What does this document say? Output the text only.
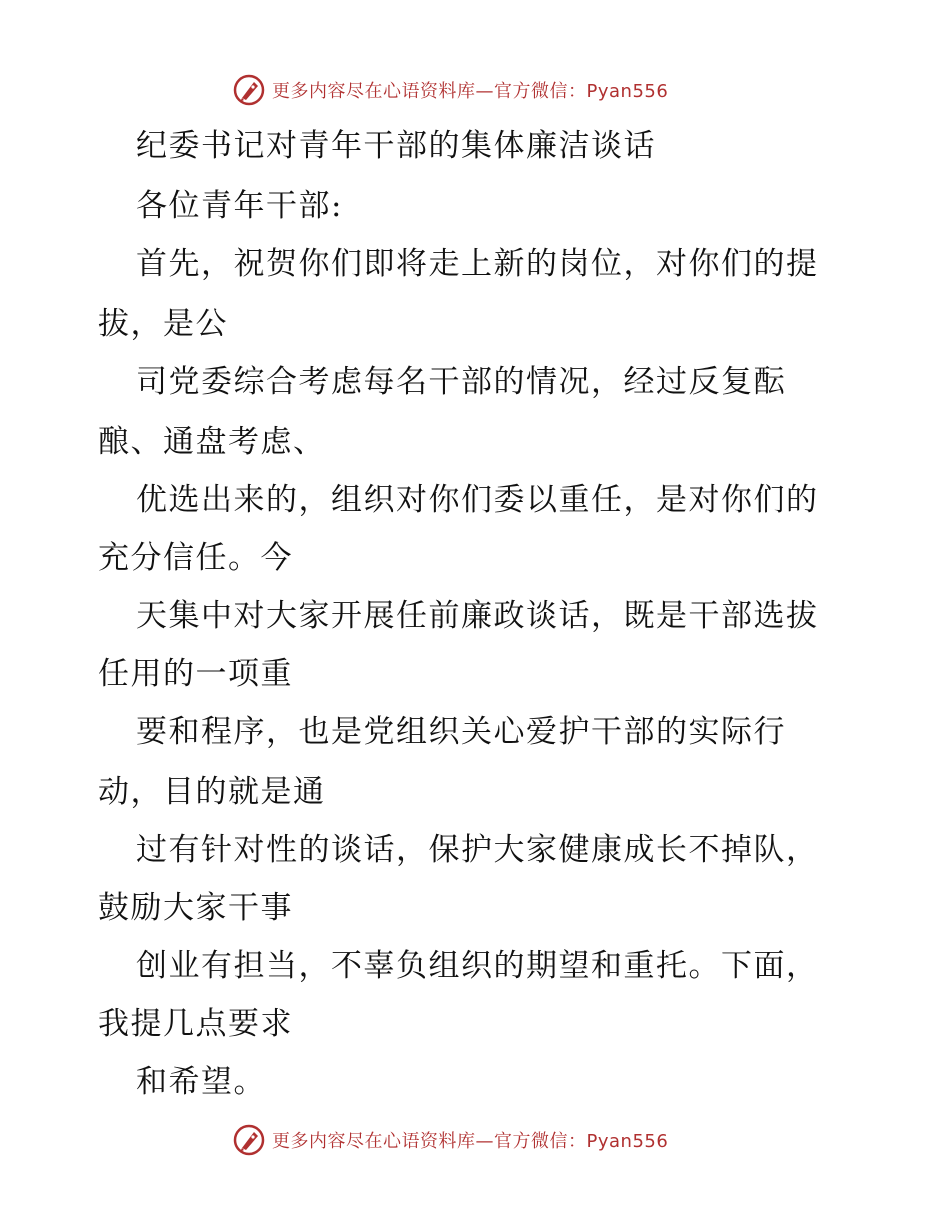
更多内容尽在心语资料库—官方微信：Pyan556

纪委书记对青年干部的集体廉洁谈话

各位青年干部:

首先，祝贺你们即将走上新的岗位，对你们的提

拔，是公

司党委综合考虑每名干部的情况，经过反复酝

酿、通盘考虑、

优选出来的，组织对你们委以重任，是对你们的

充分信任。今

天集中对大家开展任前廉政谈话，既是干部选拔

任用的一项重

要和程序，也是党组织关心爱护干部的实际行

动，目的就是通

过有针对性的谈话，保护大家健康成长不掉队，

鼓励大家干事

创业有担当，不辜负组织的期望和重托。下面，

我提几点要求

和希望。

更多内容尽在心语资料库—官方微信：Pyan556
